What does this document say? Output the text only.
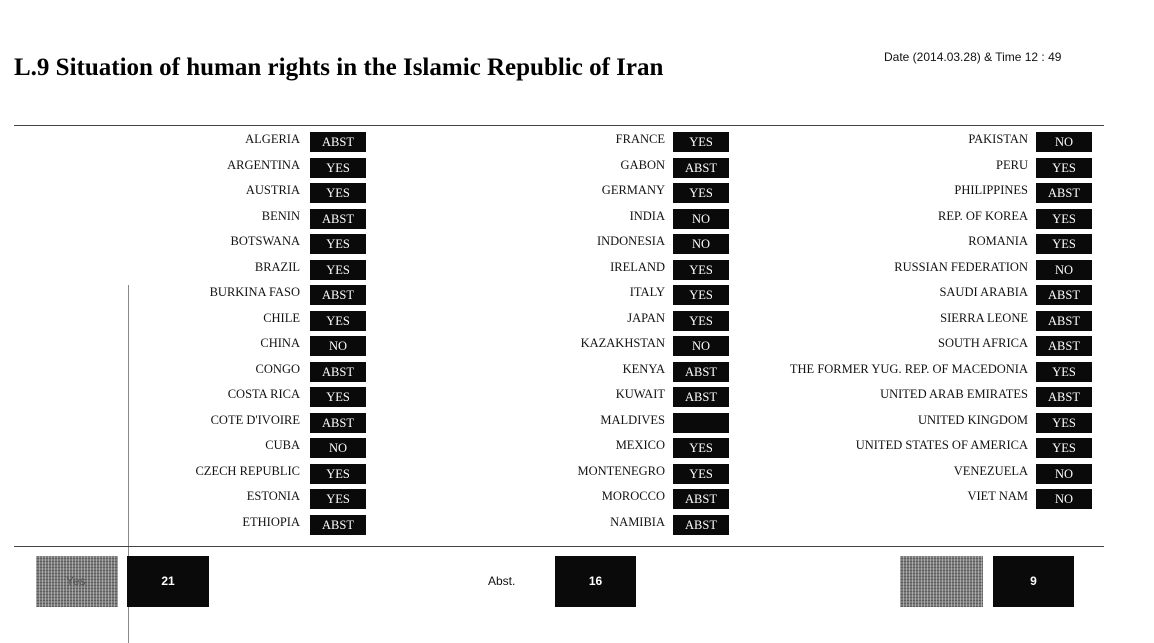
L.9 Situation of human rights in the Islamic Republic of Iran	Date (2014.03.28) & Time 12 : 49
ALGERIA	ABST
ARGENTINA	YES
AUSTRIA	YES
BENIN	ABST
BOTSWANA	YES
BRAZIL	YES
BURKINA FASO	ABST
CHILE	YES
CHINA	NO
CONGO	ABST
COSTA RICA	YES
COTE D'IVOIRE	ABST
CUBA	NO
CZECH REPUBLIC	YES
ESTONIA	YES
ETHIOPIA	ABST
FRANCE	YES
GABON	ABST
GERMANY	YES
INDIA	NO
INDONESIA	NO
IRELAND	YES
ITALY	YES
JAPAN	YES
KAZAKHSTAN	NO
KENYA	ABST
KUWAIT	ABST
MALDIVES
MEXICO	YES
MONTENEGRO	YES
MOROCCO	ABST
NAMIBIA	ABST
PAKISTAN	NO
PERU	YES
PHILIPPINES	ABST
REP. OF KOREA	YES
ROMANIA	YES
RUSSIAN FEDERATION	NO
SAUDI ARABIA	ABST
SIERRA LEONE	ABST
SOUTH AFRICA	ABST
THE FORMER YUG. REP. OF MACEDONIA	YES
UNITED ARAB EMIRATES	ABST
UNITED KINGDOM	YES
UNITED STATES OF AMERICA	YES
VENEZUELA	NO
VIET NAM	NO
Yes	21	Abst.	16	9
